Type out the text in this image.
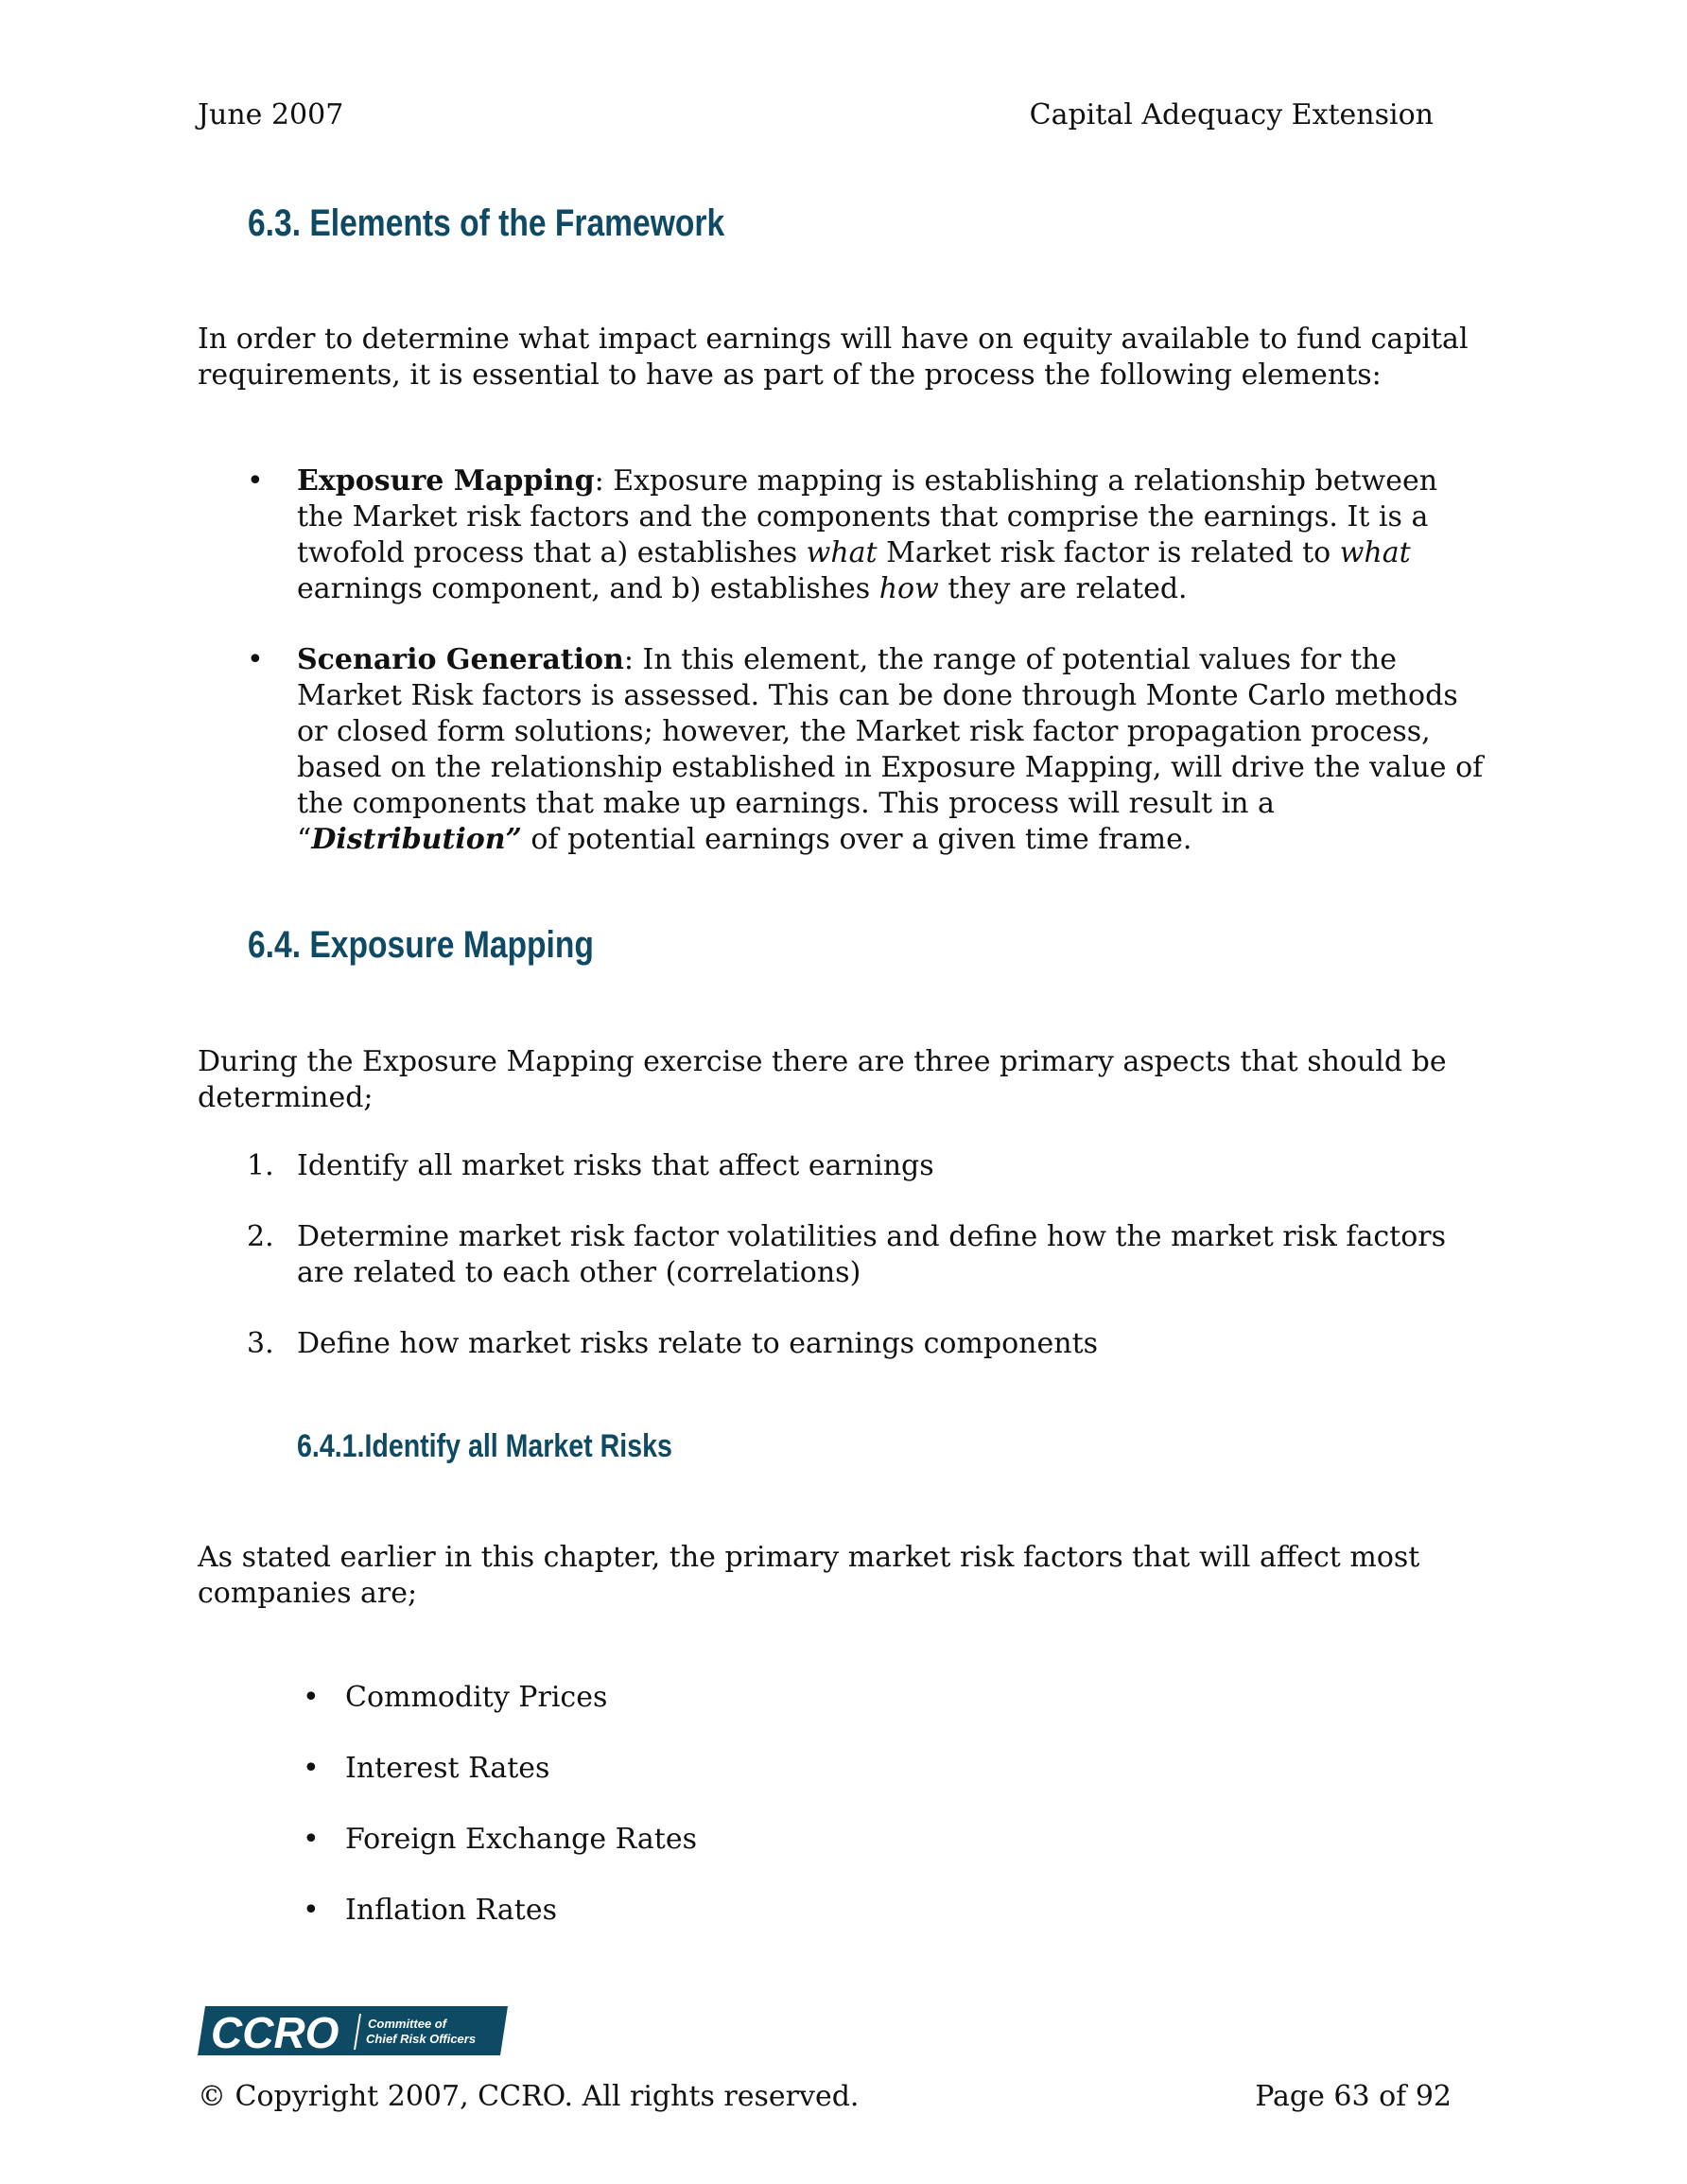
June 2007	Capital Adequacy Extension
6.3. Elements of the Framework

In order to determine what impact earnings will have on equity available to fund capital requirements, it is essential to have as part of the process the following elements:

• Exposure Mapping: Exposure mapping is establishing a relationship between the Market risk factors and the components that comprise the earnings. It is a twofold process that a) establishes what Market risk factor is related to what earnings component, and b) establishes how they are related.
• Scenario Generation: In this element, the range of potential values for the Market Risk factors is assessed. This can be done through Monte Carlo methods or closed form solutions; however, the Market risk factor propagation process, based on the relationship established in Exposure Mapping, will drive the value of the components that make up earnings. This process will result in a “Distribution” of potential earnings over a given time frame.
6.4. Exposure Mapping

During the Exposure Mapping exercise there are three primary aspects that should be determined;

1. Identify all market risks that affect earnings
2. Determine market risk factor volatilities and define how the market risk factors are related to each other (correlations)
3. Define how market risks relate to earnings components
6.4.1.Identify all Market Risks

As stated earlier in this chapter, the primary market risk factors that will affect most companies are;

• Commodity Prices
• Interest Rates
• Foreign Exchange Rates
• Inflation Rates
CCRO Committee of
Chief Risk Officers
© Copyright 2007, CCRO. All rights reserved.	Page 63 of 92
